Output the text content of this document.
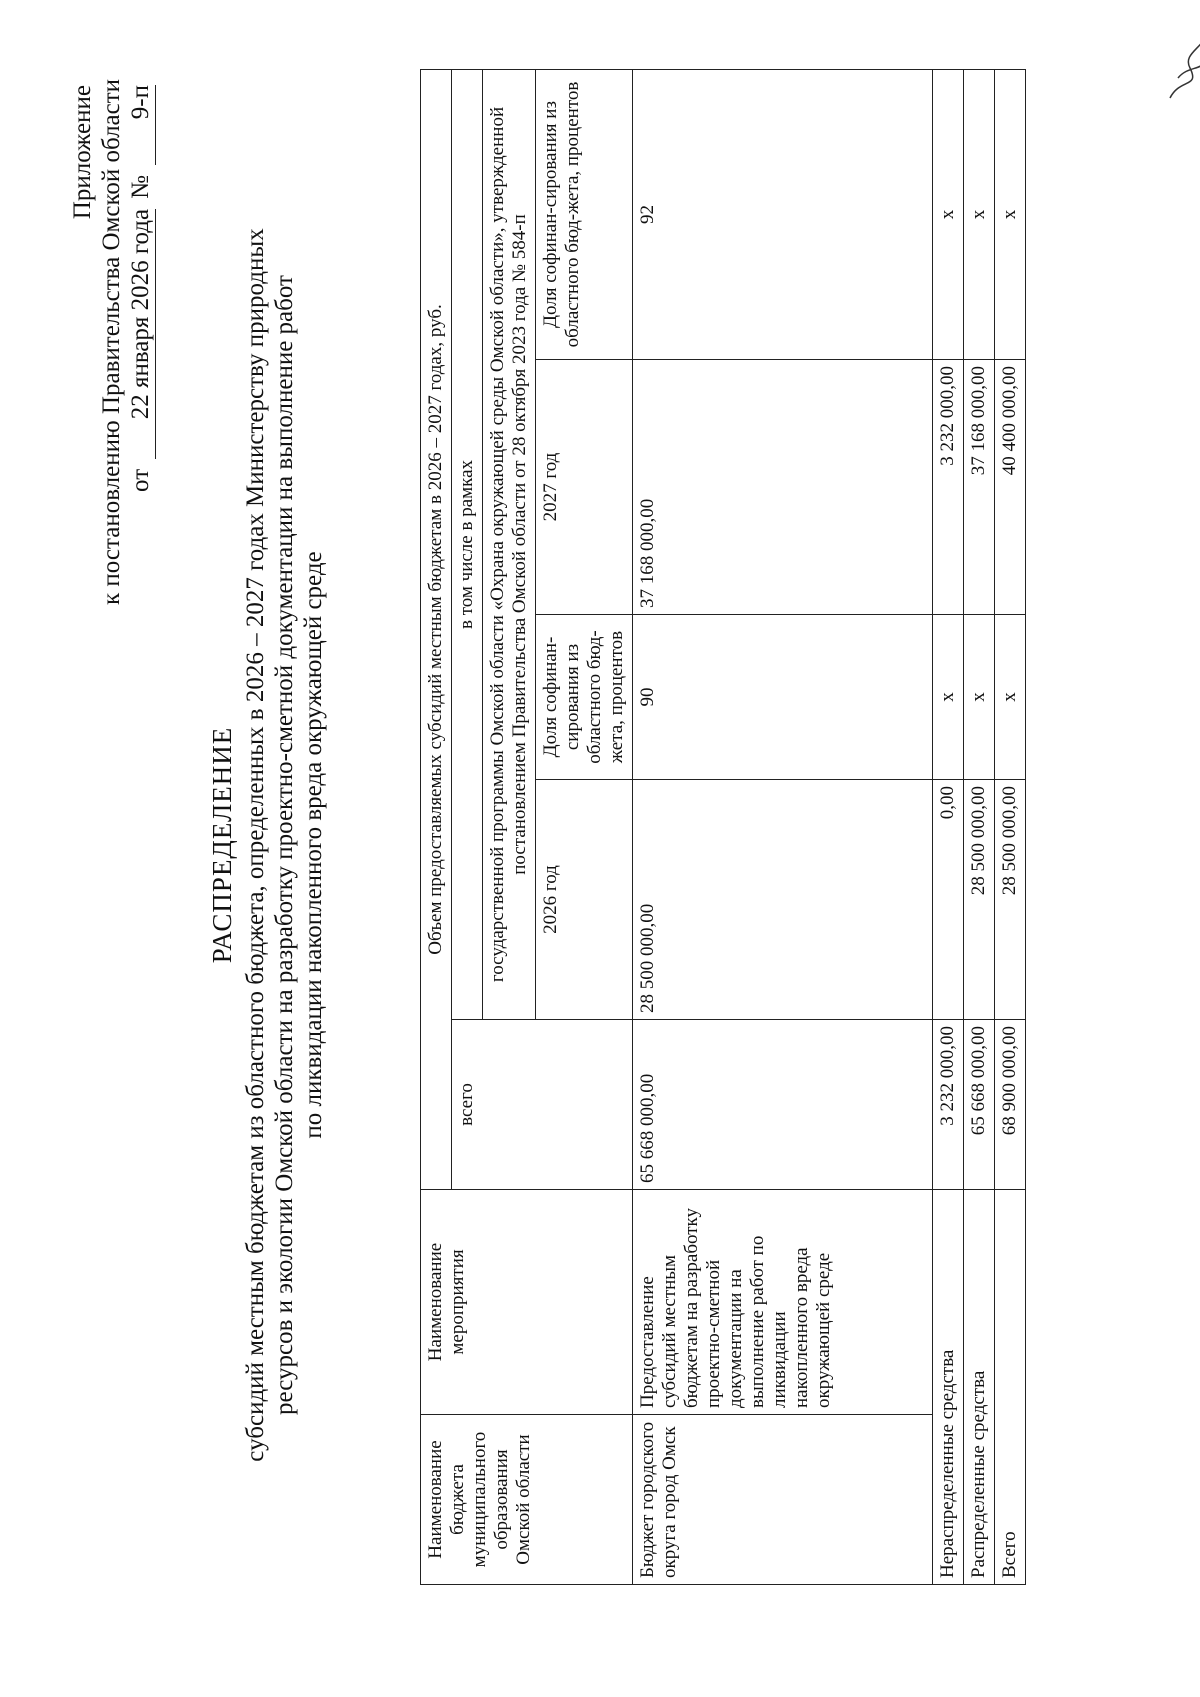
Приложение к постановлению Правительства Омской области от
22 января 2026 года
№
9-п
РАСПРЕДЕЛЕНИЕ субсидий местным бюджетам из областного бюджета, определенных в 2026 – 2027 годах Министерству природных ресурсов и экологии Омской области на разработку проектно-сметной документации на выполнение работ по ликвидации накопленного вреда окружающей среде
Наименование бюджета муниципального образования Омской области	Наименование мероприятия	Объем предоставляемых субсидий местным бюджетам в 2026 – 2027 годах, руб.				
		всего	в том числе в рамках			
			государственной программы Омской области «Охрана окружающей среды Омской области», утвержденной постановлением Правительства Омской области от 28 октября 2023 года № 584-п			
			2026 год	Доля софинан-сирования из областного бюд-жета, процентов	2027 год	Доля софинан-сирования из областного бюд-жета, процентов
Бюджет городского округа город Омск	Предоставление субсидий местным бюджетам на разработку проектно-сметной документации на выполнение работ по ликвидации накопленного вреда окружающей среде	65 668 000,00	28 500 000,00	90	37 168 000,00	92
Нераспределенные средства		3 232 000,00	0,00	х	3 232 000,00	х
Распределенные средства		65 668 000,00	28 500 000,00	х	37 168 000,00	х
Всего		68 900 000,00	28 500 000,00	х	40 400 000,00	х
